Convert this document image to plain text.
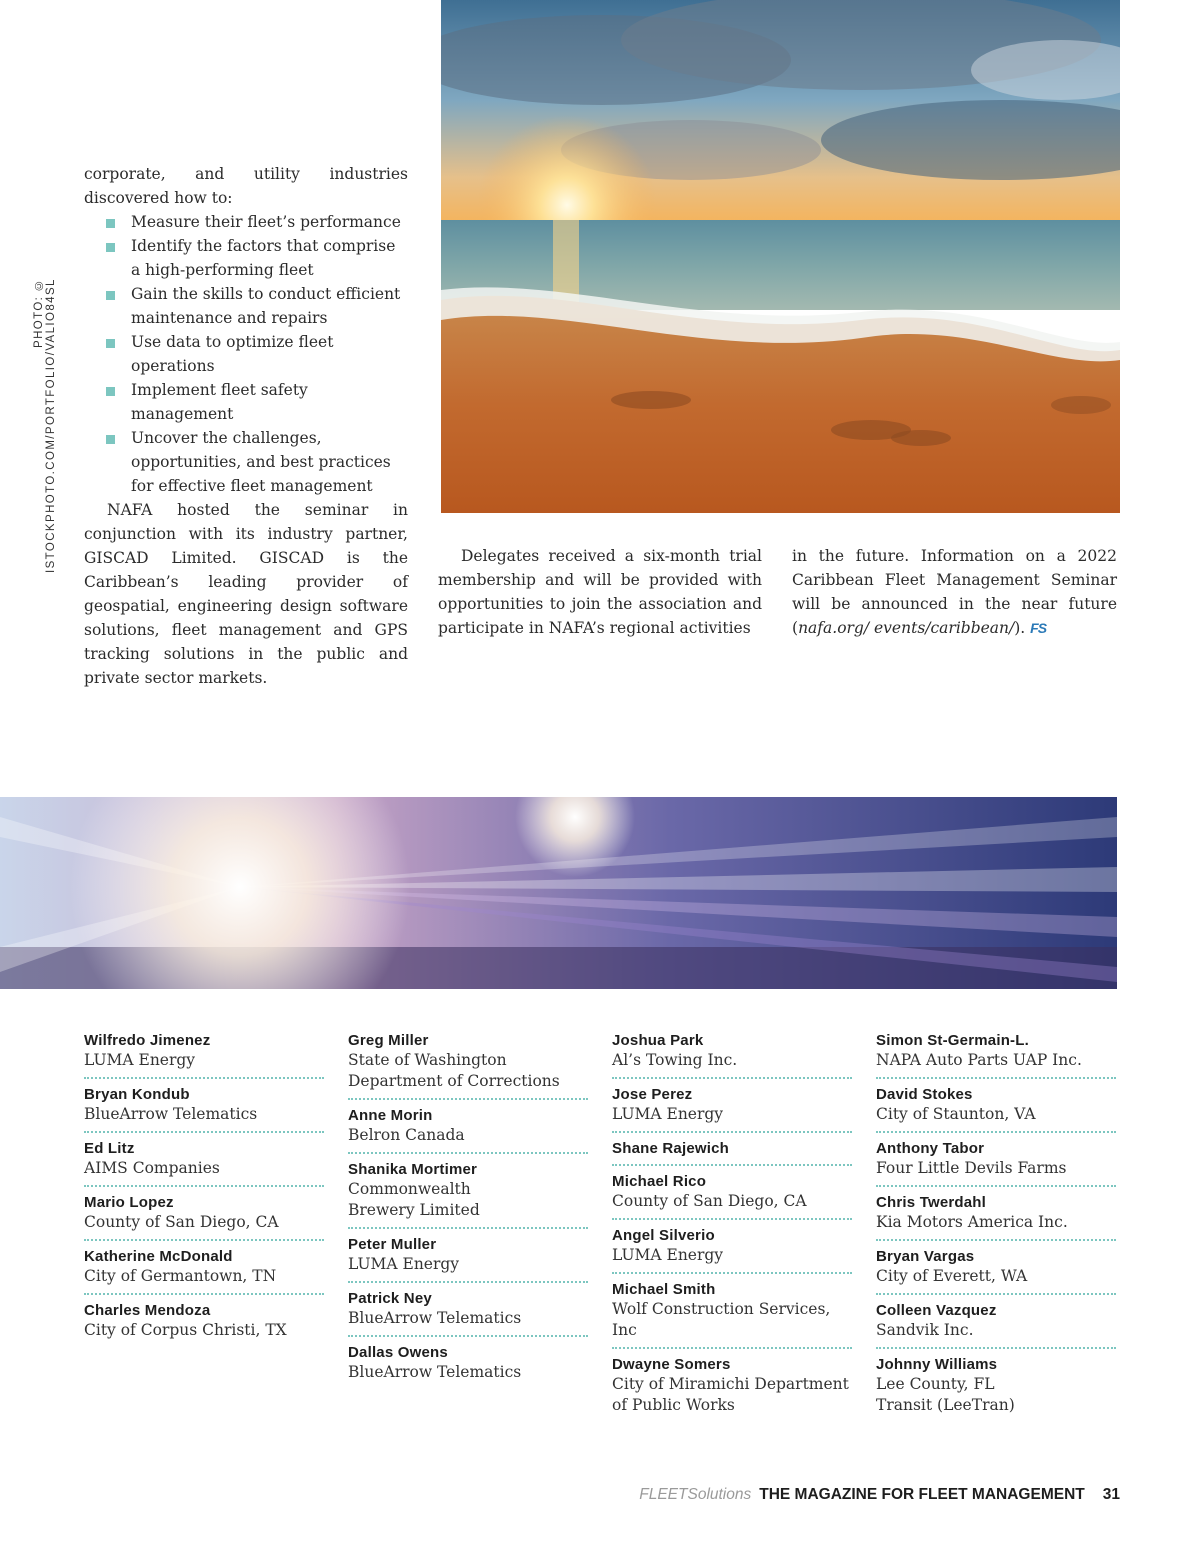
PHOTO: © ISTOCKPHOTO.COM/PORTFOLIO/VALIO84SL

corporate, and utility industries discovered how to:

Measure their fleet’s performance
Identify the factors that comprise a high-performing fleet
Gain the skills to conduct efficient maintenance and repairs
Use data to optimize fleet operations
Implement fleet safety management
Uncover the challenges, opportunities, and best practices for effective fleet management

NAFA hosted the seminar in conjunction with its industry partner, GISCAD Limited. GISCAD is the Caribbean’s leading provider of geospatial, engineering design software solutions, fleet management and GPS tracking solutions in the public and private sector markets.

Delegates received a six-month trial membership and will be provided with opportunities to join the association and participate in NAFA’s regional activities

in the future. Information on a 2022 Caribbean Fleet Management Seminar will be announced in the near future (nafa.org/ events/caribbean/). FS

Wilfredo Jimenez
LUMA Energy
Bryan Kondub
BlueArrow Telematics
Ed Litz
AIMS Companies
Mario Lopez
County of San Diego, CA
Katherine McDonald
City of Germantown, TN
Charles Mendoza
City of Corpus Christi, TX
Greg Miller
State of Washington
Department of Corrections
Anne Morin
Belron Canada
Shanika Mortimer
Commonwealth
Brewery Limited
Peter Muller
LUMA Energy
Patrick Ney
BlueArrow Telematics
Dallas Owens
BlueArrow Telematics
Joshua Park
Al’s Towing Inc.
Jose Perez
LUMA Energy
Shane Rajewich
Michael Rico
County of San Diego, CA
Angel Silverio
LUMA Energy
Michael Smith
Wolf Construction Services, Inc
Dwayne Somers
City of Miramichi Department
of Public Works
Simon St-Germain-L.
NAPA Auto Parts UAP Inc.
David Stokes
City of Staunton, VA
Anthony Tabor
Four Little Devils Farms
Chris Twerdahl
Kia Motors America Inc.
Bryan Vargas
City of Everett, WA
Colleen Vazquez
Sandvik Inc.
Johnny Williams
Lee County, FL
Transit (LeeTran)
FLEETSolutions THE MAGAZINE FOR FLEET MANAGEMENT 31
